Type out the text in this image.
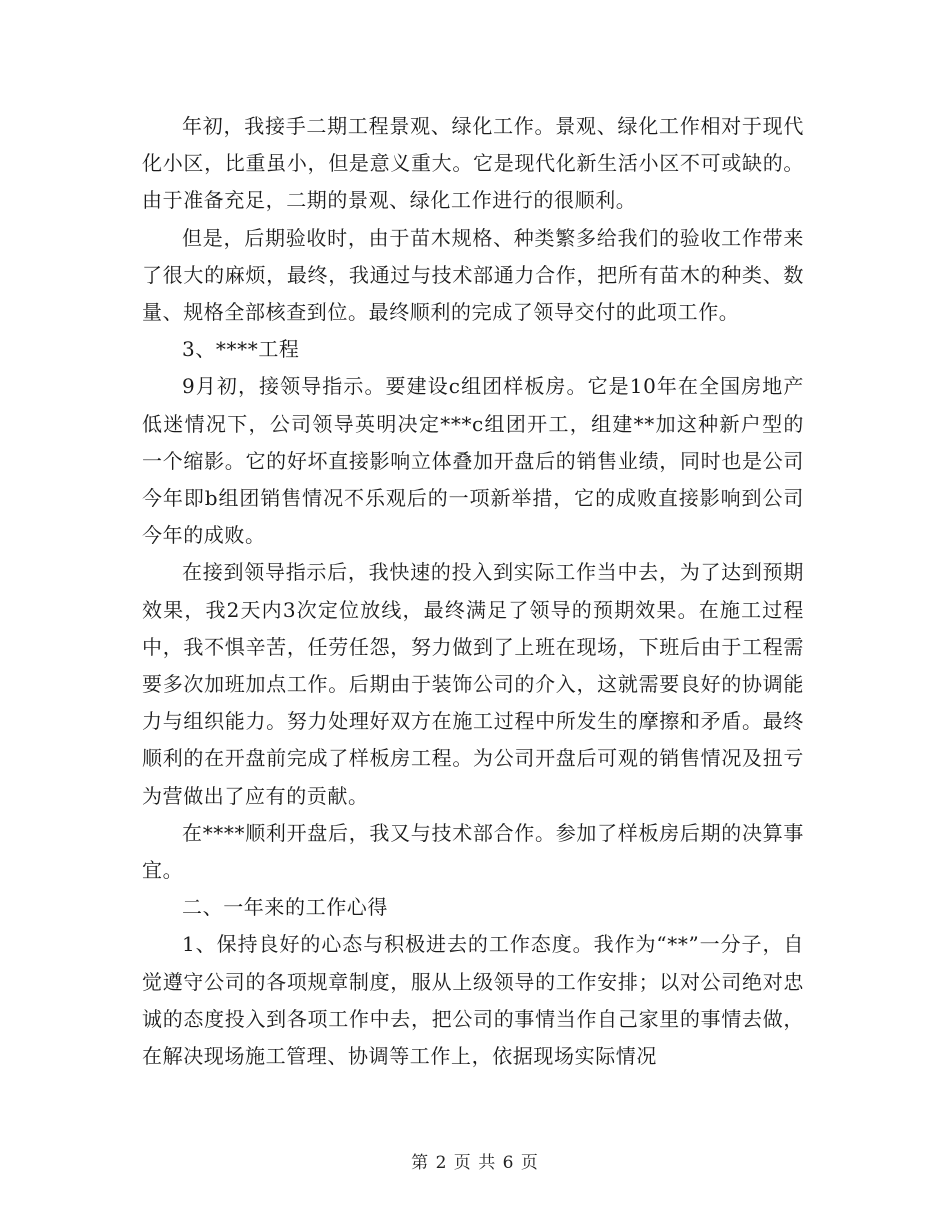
年初，我接手二期工程景观、绿化工作。景观、绿化工作相对于现代化小区，比重虽小，但是意义重大。它是现代化新生活小区不可或缺的。由于准备充足，二期的景观、绿化工作进行的很顺利。

但是，后期验收时，由于苗木规格、种类繁多给我们的验收工作带来了很大的麻烦，最终，我通过与技术部通力合作，把所有苗木的种类、数量、规格全部核查到位。最终顺利的完成了领导交付的此项工作。

3、****工程

9月初，接领导指示。要建设c组团样板房。它是10年在全国房地产低迷情况下，公司领导英明决定***c组团开工，组建**加这种新户型的一个缩影。它的好坏直接影响立体叠加开盘后的销售业绩，同时也是公司今年即b组团销售情况不乐观后的一项新举措，它的成败直接影响到公司今年的成败。

在接到领导指示后，我快速的投入到实际工作当中去，为了达到预期效果，我2天内3次定位放线，最终满足了领导的预期效果。在施工过程中，我不惧辛苦，任劳任怨，努力做到了上班在现场，下班后由于工程需要多次加班加点工作。后期由于装饰公司的介入，这就需要良好的协调能力与组织能力。努力处理好双方在施工过程中所发生的摩擦和矛盾。最终顺利的在开盘前完成了样板房工程。为公司开盘后可观的销售情况及扭亏为营做出了应有的贡献。

在****顺利开盘后，我又与技术部合作。参加了样板房后期的决算事宜。

二、一年来的工作心得

1、保持良好的心态与积极进去的工作态度。我作为“**”一分子，自觉遵守公司的各项规章制度，服从上级领导的工作安排；以对公司绝对忠诚的态度投入到各项工作中去，把公司的事情当作自己家里的事情去做，在解决现场施工管理、协调等工作上，依据现场实际情况

第 2 页 共 6 页
